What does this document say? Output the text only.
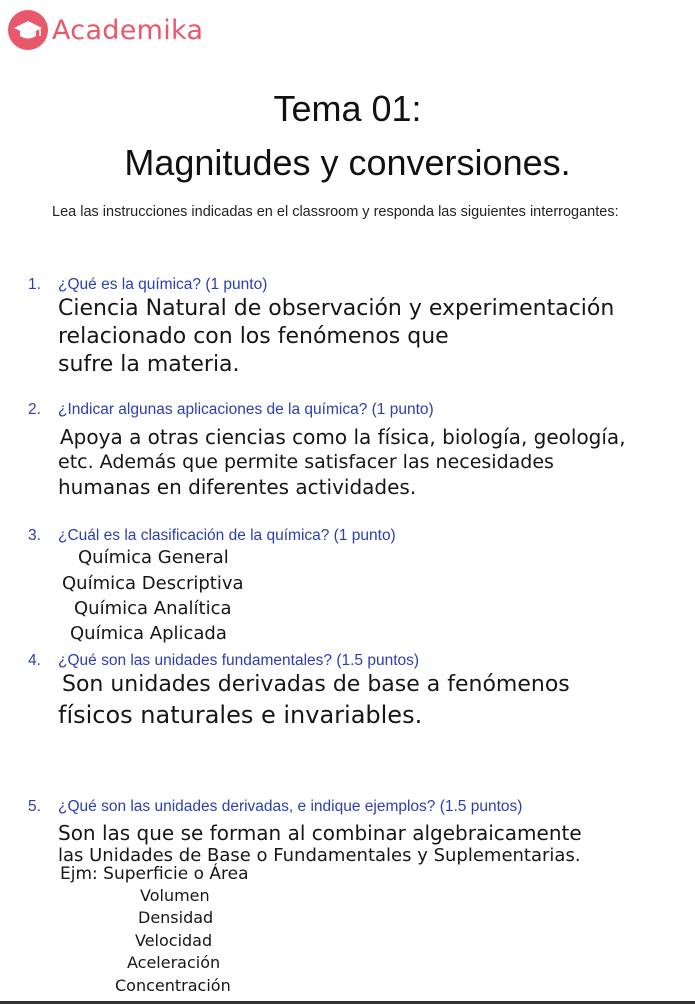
Academika
Tema 01:
Magnitudes y conversiones.
Lea las instrucciones indicadas en el classroom y responda las siguientes interrogantes:
1. ¿Qué es la química? (1 punto)
Ciencia Natural de observación y experimentación
relacionado con los fenómenos que
sufre la materia.
2. ¿Indicar algunas aplicaciones de la química? (1 punto)
Apoya a otras ciencias como la física, biología, geología,
etc. Además que permite satisfacer las necesidades
humanas en diferentes actividades.
3. ¿Cuál es la clasificación de la química? (1 punto)
Química General
Química Descriptiva
Química Analítica
Química Aplicada
4. ¿Qué son las unidades fundamentales? (1.5 puntos)
Son unidades derivadas de base a fenómenos
físicos naturales e invariables.
5. ¿Qué son las unidades derivadas, e indique ejemplos? (1.5 puntos)
Son las que se forman al combinar algebraicamente
las Unidades de Base o Fundamentales y Suplementarias.
Ejm: Superficie o Área
Volumen
Densidad
Velocidad
Aceleración
Concentración
